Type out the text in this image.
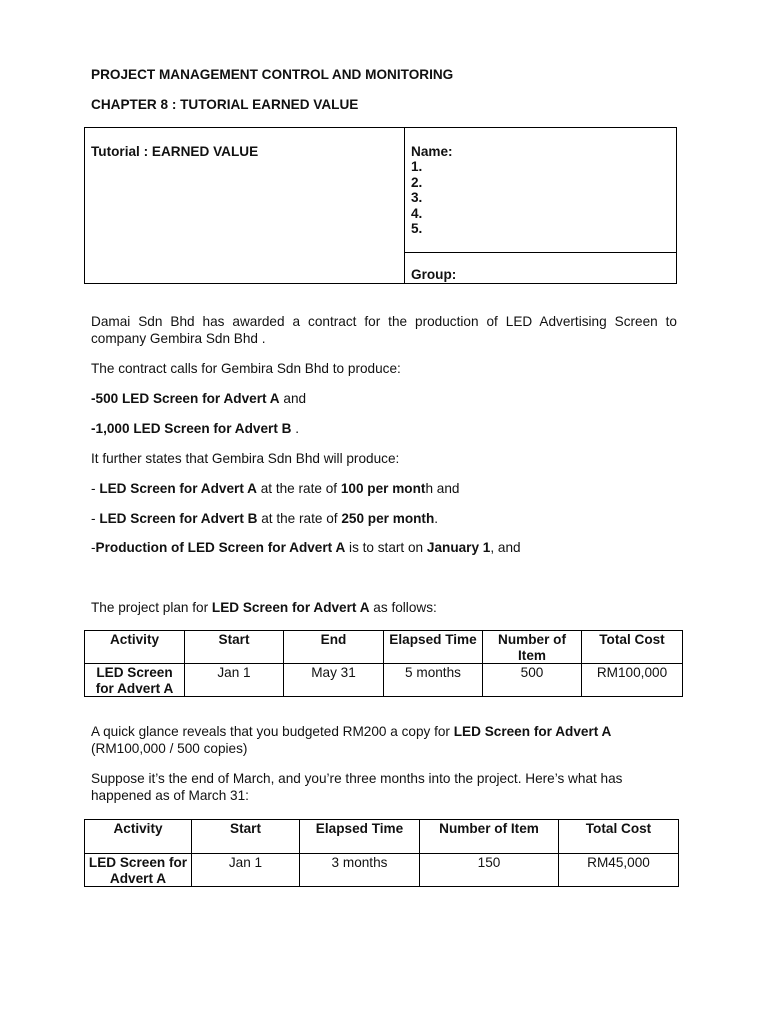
PROJECT MANAGEMENT CONTROL AND MONITORING
CHAPTER 8 : TUTORIAL EARNED VALUE
Tutorial : EARNED VALUE	Name:
1.
2.
3.
4.
5.
Group:
Damai Sdn Bhd has awarded a contract for the production of LED Advertising Screen to company Gembira Sdn Bhd .
The contract calls for Gembira Sdn Bhd to produce:
-500 LED Screen for Advert A and
-1,000 LED Screen for Advert B .
It further states that Gembira Sdn Bhd will produce:
- LED Screen for Advert A at the rate of 100 per month and
- LED Screen for Advert B at the rate of 250 per month.
-Production of LED Screen for Advert A is to start on January 1, and
The project plan for LED Screen for Advert A as follows:
Activity	Start	End	Elapsed Time	Number of Item	Total Cost
LED Screen for Advert A	Jan 1	May 31	5 months	500	RM100,000
A quick glance reveals that you budgeted RM200 a copy for LED Screen for Advert A
(RM100,000 / 500 copies)
Suppose it’s the end of March, and you’re three months into the project. Here’s what has happened as of March 31:
Activity	Start	Elapsed Time	Number of Item	Total Cost
LED Screen for Advert A	Jan 1	3 months	150	RM45,000
